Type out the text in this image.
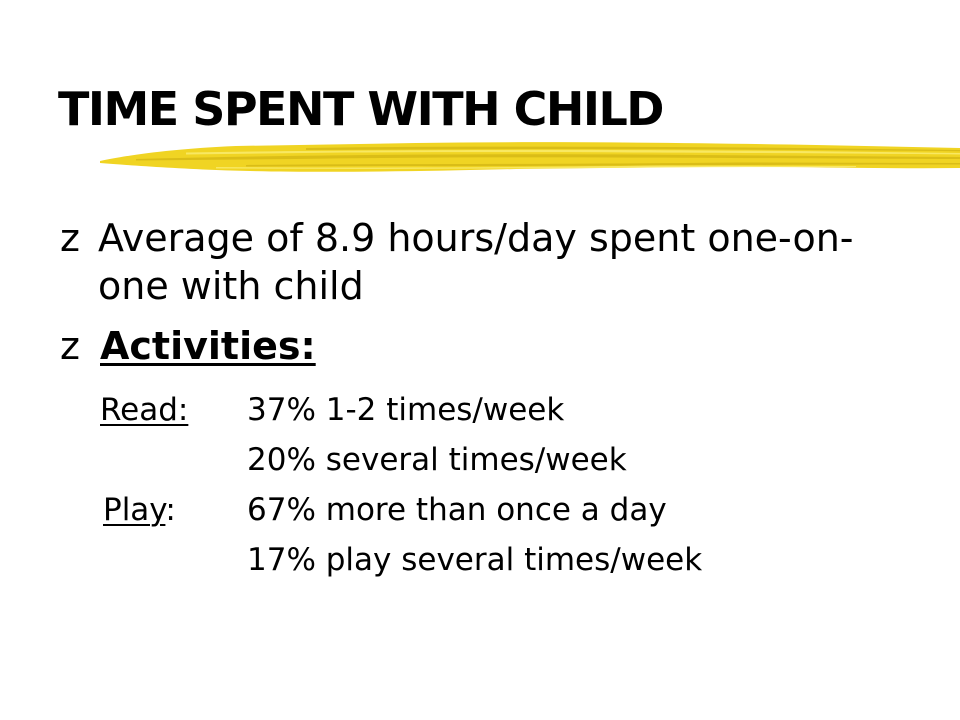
TIME SPENT WITH CHILD
z Average of 8.9 hours/day spent one-on-
one with child
z Activities:
Read: 37% 1-2 times/week
20% several times/week
Play: 67% more than once a day
17% play several times/week
